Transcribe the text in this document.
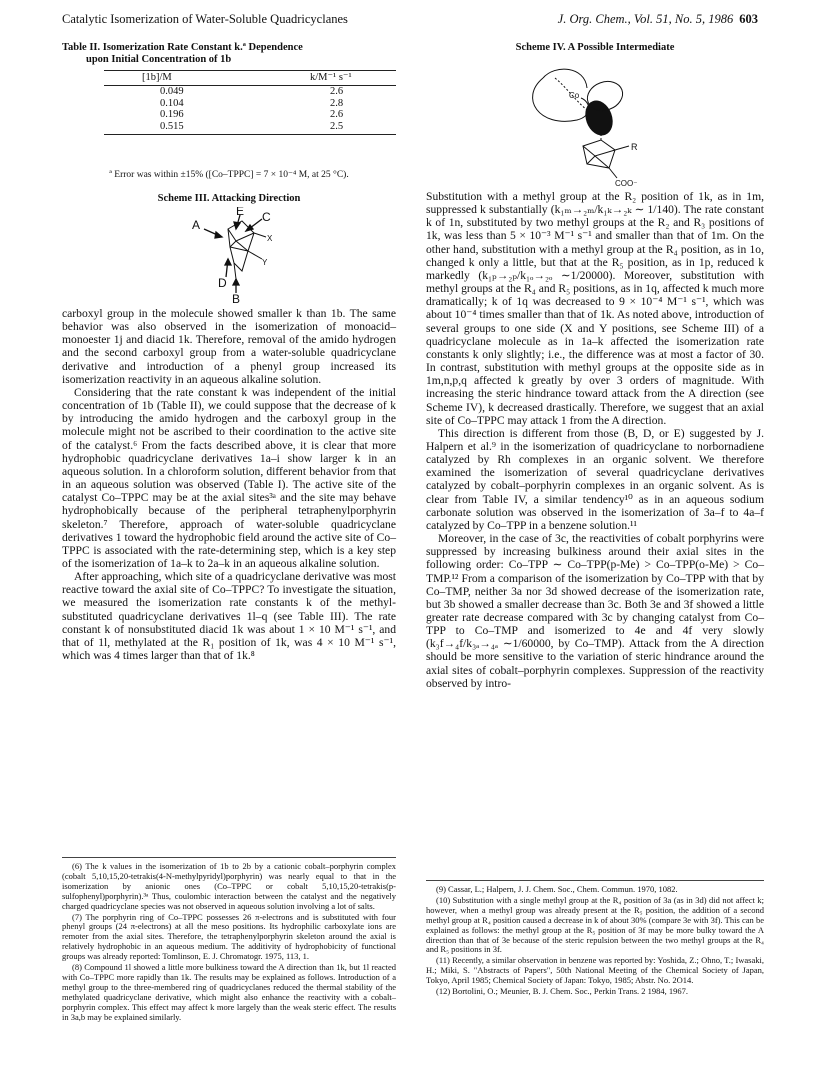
Catalytic Isomerization of Water-Soluble Quadricyclanes	J. Org. Chem., Vol. 51, No. 5, 1986 603
Table II. Isomerization Rate Constant k.ª Dependence
upon Initial Concentration of 1b
[1b]/M	k/M⁻¹ s⁻¹
0.049	2.6
0.104	2.8
0.196	2.6
0.515	2.5
ª Error was within ±15% ([Co–TPPC] = 7 × 10⁻⁴ M, at 25 °C).
Scheme III. Attacking Direction
A
E C
X
Y
D
B

carboxyl group in the molecule showed smaller k than 1b. The same behavior was also observed in the isomerization of monoacid–monoester 1j and diacid 1k. Therefore, removal of the amido hydrogen and the second carboxyl group from a water-soluble quadricyclane derivative and introduction of a phenyl group increased its isomerization reactivity in an aqueous alkaline solution.

Considering that the rate constant k was independent of the initial concentration of 1b (Table II), we could suppose that the decrease of k by introducing the amido hydrogen and the carboxyl group in the molecule might not be ascribed to their coordination to the active site of the catalyst.⁶ From the facts described above, it is clear that more hydrophobic quadricyclane derivatives 1a–i show larger k in an aqueous solution. In a chloroform solution, different behavior from that in an aqueous solution was observed (Table I). The active site of the catalyst Co–TPPC may be at the axial sites³ᵃ and the site may behave hydrophobically because of the peripheral tetraphenylporphyrin skeleton.⁷ Therefore, approach of water-soluble quadricyclane derivatives 1 toward the hydrophobic field around the active site of Co–TPPC is associated with the rate-determining step, which is a key step of the isomerization of 1a–k to 2a–k in an aqueous alkaline solution.

After approaching, which site of a quadricyclane derivative was most reactive toward the axial site of Co–TPPC? To investigate the situation, we measured the isomerization rate constants k of the methyl-substituted quadricyclane derivatives 1l–q (see Table III). The rate constant k of nonsubstituted diacid 1k was about 1 × 10 M⁻¹ s⁻¹, and that of 1l, methylated at the R₁ position of 1k, was 4 × 10 M⁻¹ s⁻¹, which was 4 times larger than that of 1k.⁸

(6) The k values in the isomerization of 1b to 2b by a cationic cobalt–porphyrin complex (cobalt 5,10,15,20-tetrakis(4-N-methylpyridyl)porphyrin) was nearly equal to that in the isomerization by anionic ones (Co–TPPC or cobalt 5,10,15,20-tetrakis(p-sulfophenyl)porphyrin).³ᵃ Thus, coulombic interaction between the catalyst and the negatively charged quadricyclane species was not observed in aqueous solution involving a lot of salts.

(7) The porphyrin ring of Co–TPPC possesses 26 π-electrons and is substituted with four phenyl groups (24 π-electrons) at all the meso positions. Its hydrophilic carboxylate ions are remoter from the axial sites. Therefore, the tetraphenylporphyrin skeleton around the axial is relatively hydrophobic in an aqueous medium. The additivity of hydrophobicity of functional groups was already reported: Tomlinson, E. J. Chromatogr. 1975, 113, 1.

(8) Compound 1l showed a little more bulkiness toward the A direction than 1k, but 1l reacted with Co–TPPC more rapidly than 1k. The results may be explained as follows. Introduction of a methyl group to the three-membered ring of quadricyclanes reduced the thermal stability of the methylated quadricyclane derivative, which might also enhance the reactivity with a cobalt–porphyrin complex. This effect may affect k more largely than the weak steric effect. The results in 3a,b may be explained similarly.

Scheme IV. A Possible Intermediate
Co
R
COO⁻

Substitution with a methyl group at the R₂ position of 1k, as in 1m, suppressed k substantially (k₁ₘ→₂ₘ/k₁ₖ→₂ₖ ∼ 1/140). The rate constant k of 1n, substituted by two methyl groups at the R₂ and R₃ positions of 1k, was less than 5 × 10⁻³ M⁻¹ s⁻¹ and smaller than that of 1m. On the other hand, substitution with a methyl group at the R₄ position, as in 1o, changed k only a little, but that at the R₅ position, as in 1p, reduced k markedly (k₁ₚ→₂ₚ/k₁ₒ→₂ₒ ∼1/20000). Moreover, substitution with methyl groups at the R₄ and R₅ positions, as in 1q, affected k much more dramatically; k of 1q was decreased to 9 × 10⁻⁴ M⁻¹ s⁻¹, which was about 10⁻⁴ times smaller than that of 1k. As noted above, introduction of several groups to one side (X and Y positions, see Scheme III) of a quadricyclane molecule as in 1a–k affected the isomerization rate constants k only slightly; i.e., the difference was at most a factor of 30. In contrast, substitution with methyl groups at the opposite side as in 1m,n,p,q affected k greatly by over 3 orders of magnitude. With increasing the steric hindrance toward attack from the A direction (see Scheme IV), k decreased drastically. Therefore, we suggest that an axial site of Co–TPPC may attack 1 from the A direction.

This direction is different from those (B, D, or E) suggested by J. Halpern et al.⁹ in the isomerization of quadricyclane to norbornadiene catalyzed by Rh complexes in an organic solvent. We therefore examined the isomerization of several quadricyclane derivatives catalyzed by cobalt–porphyrin complexes in an organic solvent. As is clear from Table IV, a similar tendency¹⁰ as in an aqueous sodium carbonate solution was observed in the isomerization of 3a–f to 4a–f catalyzed by Co–TPP in a benzene solution.¹¹

Moreover, in the case of 3c, the reactivities of cobalt porphyrins were suppressed by increasing bulkiness around their axial sites in the following order: Co–TPP ∼ Co–TPP(p-Me) > Co–TPP(o-Me) > Co–TMP.¹² From a comparison of the isomerization by Co–TPP with that by Co–TMP, neither 3a nor 3d showed decrease of the isomerization rate, but 3b showed a smaller decrease than 3c. Both 3e and 3f showed a little greater rate decrease compared with 3c by changing catalyst from Co–TPP to Co–TMP and isomerized to 4e and 4f very slowly (k₃f→₄f/k₃ₐ→₄ₐ ∼1/60000, by Co–TMP). Attack from the A direction should be more sensitive to the variation of steric hindrance around the axial sites of cobalt–porphyrin complexes. Suppression of the reactivity observed by intro-

(9) Cassar, L.; Halpern, J. J. Chem. Soc., Chem. Commun. 1970, 1082.

(10) Substitution with a single methyl group at the R₄ position of 3a (as in 3d) did not affect k; however, when a methyl group was already present at the R₅ position, the addition of a second methyl group at R₄ position caused a decrease in k of about 30% (compare 3e with 3f). This can be explained as follows: the methyl group at the R₅ position of 3f may be more bulky toward the A direction than that of 3e because of the steric repulsion between the two methyl groups at the R₄ and R₅ positions in 3f.

(11) Recently, a similar observation in benzene was reported by: Yoshida, Z.; Ohno, T.; Iwasaki, H.; Miki, S. "Abstracts of Papers", 50th National Meeting of the Chemical Society of Japan, Tokyo, April 1985; Chemical Society of Japan: Tokyo, 1985; Abstr. No. 2O14.

(12) Bortolini, O.; Meunier, B. J. Chem. Soc., Perkin Trans. 2 1984, 1967.
